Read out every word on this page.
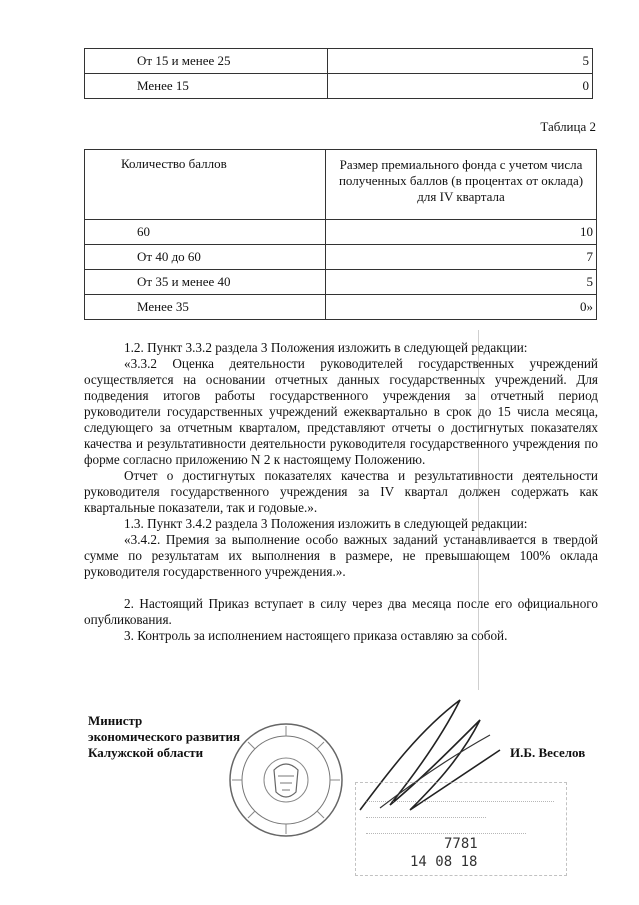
От 15 и менее 25	5
Менее 15	0
Таблица 2
Количество баллов	Размер премиального фонда с учетом числа
полученных баллов (в процентах от оклада)
для IV квартала

60	10
От 40 до 60	7
От 35 и менее 40	5
Менее 35	0»

1.2. Пункт 3.3.2 раздела 3 Положения изложить в следующей редакции:

«3.3.2 Оценка деятельности руководителей государственных учреждений осуществляется на основании отчетных данных государственных учреждений. Для подведения итогов работы государственного учреждения за отчетный период руководители государственных учреждений ежеквартально в срок до 15 числа месяца, следующего за отчетным кварталом, представляют отчеты о достигнутых показателях качества и результативности деятельности руководителя государственного учреждения по форме согласно приложению N 2 к настоящему Положению.

Отчет о достигнутых показателях качества и результативности деятельности руководителя государственного учреждения за IV квартал должен содержать как квартальные показатели, так и годовые.».

1.3. Пункт 3.4.2 раздела 3 Положения изложить в следующей редакции:

«3.4.2. Премия за выполнение особо важных заданий устанавливается в твердой сумме по результатам их выполнения в размере, не превышающем 100% оклада руководителя государственного учреждения.».

2. Настоящий Приказ вступает в силу через два месяца после его официального опубликования.

3. Контроль за исполнением настоящего приказа оставляю за собой.

Министр
экономического развития
Калужской области	И.Б. Веселов
7781
14 08 18
